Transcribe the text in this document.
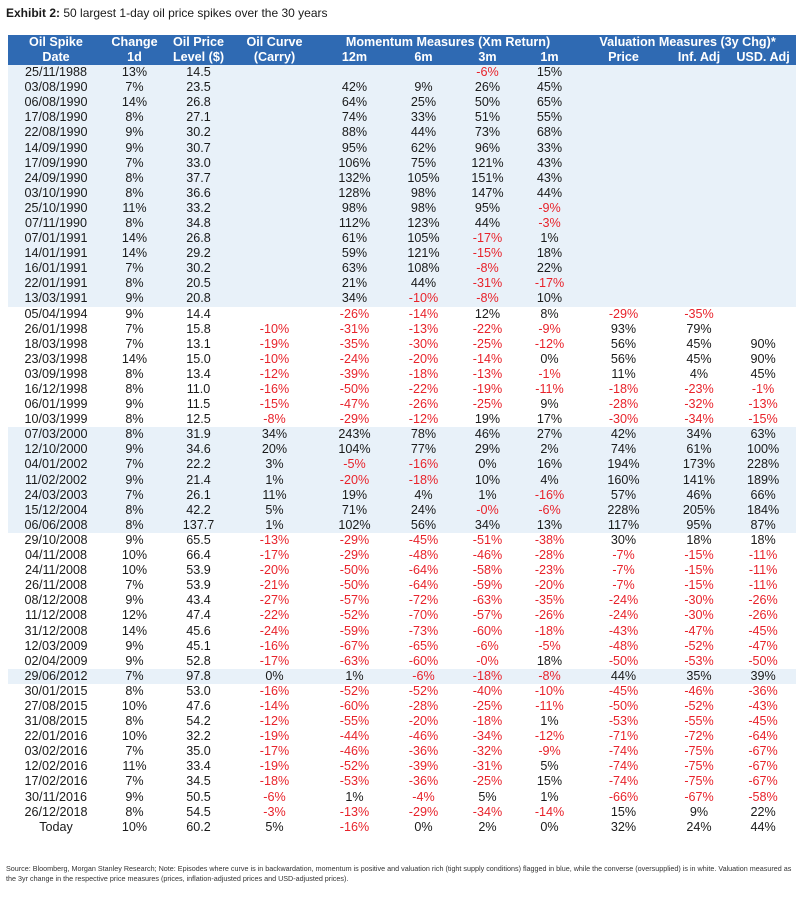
Exhibit 2: 50 largest 1-day oil price spikes over the 30 years
Oil Spike	Change	Oil Price	Oil Curve	Momentum Measures (Xm Return)				Valuation Measures (3y Chg)*		
Date	1d	Level ($)	(Carry)	12m	6m	3m	1m	Price	Inf. Adj	USD. Adj
25/11/1988	13%	14.5				-6%	15%			
03/08/1990	7%	23.5		42%	9%	26%	45%			
06/08/1990	14%	26.8		64%	25%	50%	65%			
17/08/1990	8%	27.1		74%	33%	51%	55%			
22/08/1990	9%	30.2		88%	44%	73%	68%			
14/09/1990	9%	30.7		95%	62%	96%	33%			
17/09/1990	7%	33.0		106%	75%	121%	43%			
24/09/1990	8%	37.7		132%	105%	151%	43%			
03/10/1990	8%	36.6		128%	98%	147%	44%			
25/10/1990	11%	33.2		98%	98%	95%	-9%			
07/11/1990	8%	34.8		112%	123%	44%	-3%			
07/01/1991	14%	26.8		61%	105%	-17%	1%			
14/01/1991	14%	29.2		59%	121%	-15%	18%			
16/01/1991	7%	30.2		63%	108%	-8%	22%			
22/01/1991	8%	20.5		21%	44%	-31%	-17%			
13/03/1991	9%	20.8		34%	-10%	-8%	10%			
05/04/1994	9%	14.4		-26%	-14%	12%	8%	-29%	-35%	
26/01/1998	7%	15.8	-10%	-31%	-13%	-22%	-9%	93%	79%	
18/03/1998	7%	13.1	-19%	-35%	-30%	-25%	-12%	56%	45%	90%
23/03/1998	14%	15.0	-10%	-24%	-20%	-14%	0%	56%	45%	90%
03/09/1998	8%	13.4	-12%	-39%	-18%	-13%	-1%	11%	4%	45%
16/12/1998	8%	11.0	-16%	-50%	-22%	-19%	-11%	-18%	-23%	-1%
06/01/1999	9%	11.5	-15%	-47%	-26%	-25%	9%	-28%	-32%	-13%
10/03/1999	8%	12.5	-8%	-29%	-12%	19%	17%	-30%	-34%	-15%
07/03/2000	8%	31.9	34%	243%	78%	46%	27%	42%	34%	63%
12/10/2000	9%	34.6	20%	104%	77%	29%	2%	74%	61%	100%
04/01/2002	7%	22.2	3%	-5%	-16%	0%	16%	194%	173%	228%
11/02/2002	9%	21.4	1%	-20%	-18%	10%	4%	160%	141%	189%
24/03/2003	7%	26.1	11%	19%	4%	1%	-16%	57%	46%	66%
15/12/2004	8%	42.2	5%	71%	24%	-0%	-6%	228%	205%	184%
06/06/2008	8%	137.7	1%	102%	56%	34%	13%	117%	95%	87%
29/10/2008	9%	65.5	-13%	-29%	-45%	-51%	-38%	30%	18%	18%
04/11/2008	10%	66.4	-17%	-29%	-48%	-46%	-28%	-7%	-15%	-11%
24/11/2008	10%	53.9	-20%	-50%	-64%	-58%	-23%	-7%	-15%	-11%
26/11/2008	7%	53.9	-21%	-50%	-64%	-59%	-20%	-7%	-15%	-11%
08/12/2008	9%	43.4	-27%	-57%	-72%	-63%	-35%	-24%	-30%	-26%
11/12/2008	12%	47.4	-22%	-52%	-70%	-57%	-26%	-24%	-30%	-26%
31/12/2008	14%	45.6	-24%	-59%	-73%	-60%	-18%	-43%	-47%	-45%
12/03/2009	9%	45.1	-16%	-67%	-65%	-6%	-5%	-48%	-52%	-47%
02/04/2009	9%	52.8	-17%	-63%	-60%	-0%	18%	-50%	-53%	-50%
29/06/2012	7%	97.8	0%	1%	-6%	-18%	-8%	44%	35%	39%
30/01/2015	8%	53.0	-16%	-52%	-52%	-40%	-10%	-45%	-46%	-36%
27/08/2015	10%	47.6	-14%	-60%	-28%	-25%	-11%	-50%	-52%	-43%
31/08/2015	8%	54.2	-12%	-55%	-20%	-18%	1%	-53%	-55%	-45%
22/01/2016	10%	32.2	-19%	-44%	-46%	-34%	-12%	-71%	-72%	-64%
03/02/2016	7%	35.0	-17%	-46%	-36%	-32%	-9%	-74%	-75%	-67%
12/02/2016	11%	33.4	-19%	-52%	-39%	-31%	5%	-74%	-75%	-67%
17/02/2016	7%	34.5	-18%	-53%	-36%	-25%	15%	-74%	-75%	-67%
30/11/2016	9%	50.5	-6%	1%	-4%	5%	1%	-66%	-67%	-58%
26/12/2018	8%	54.5	-3%	-13%	-29%	-34%	-14%	15%	9%	22%
Today	10%	60.2	5%	-16%	0%	2%	0%	32%	24%	44%
Source: Bloomberg, Morgan Stanley Research; Note: Episodes where curve is in backwardation, momentum is positive and valuation rich (tight supply conditions) flagged in blue, while the converse (oversupplied) is in white. Valuation measured as the 3yr change in the respective price measures (prices, inflation-adjusted prices and USD-adjusted prices).
